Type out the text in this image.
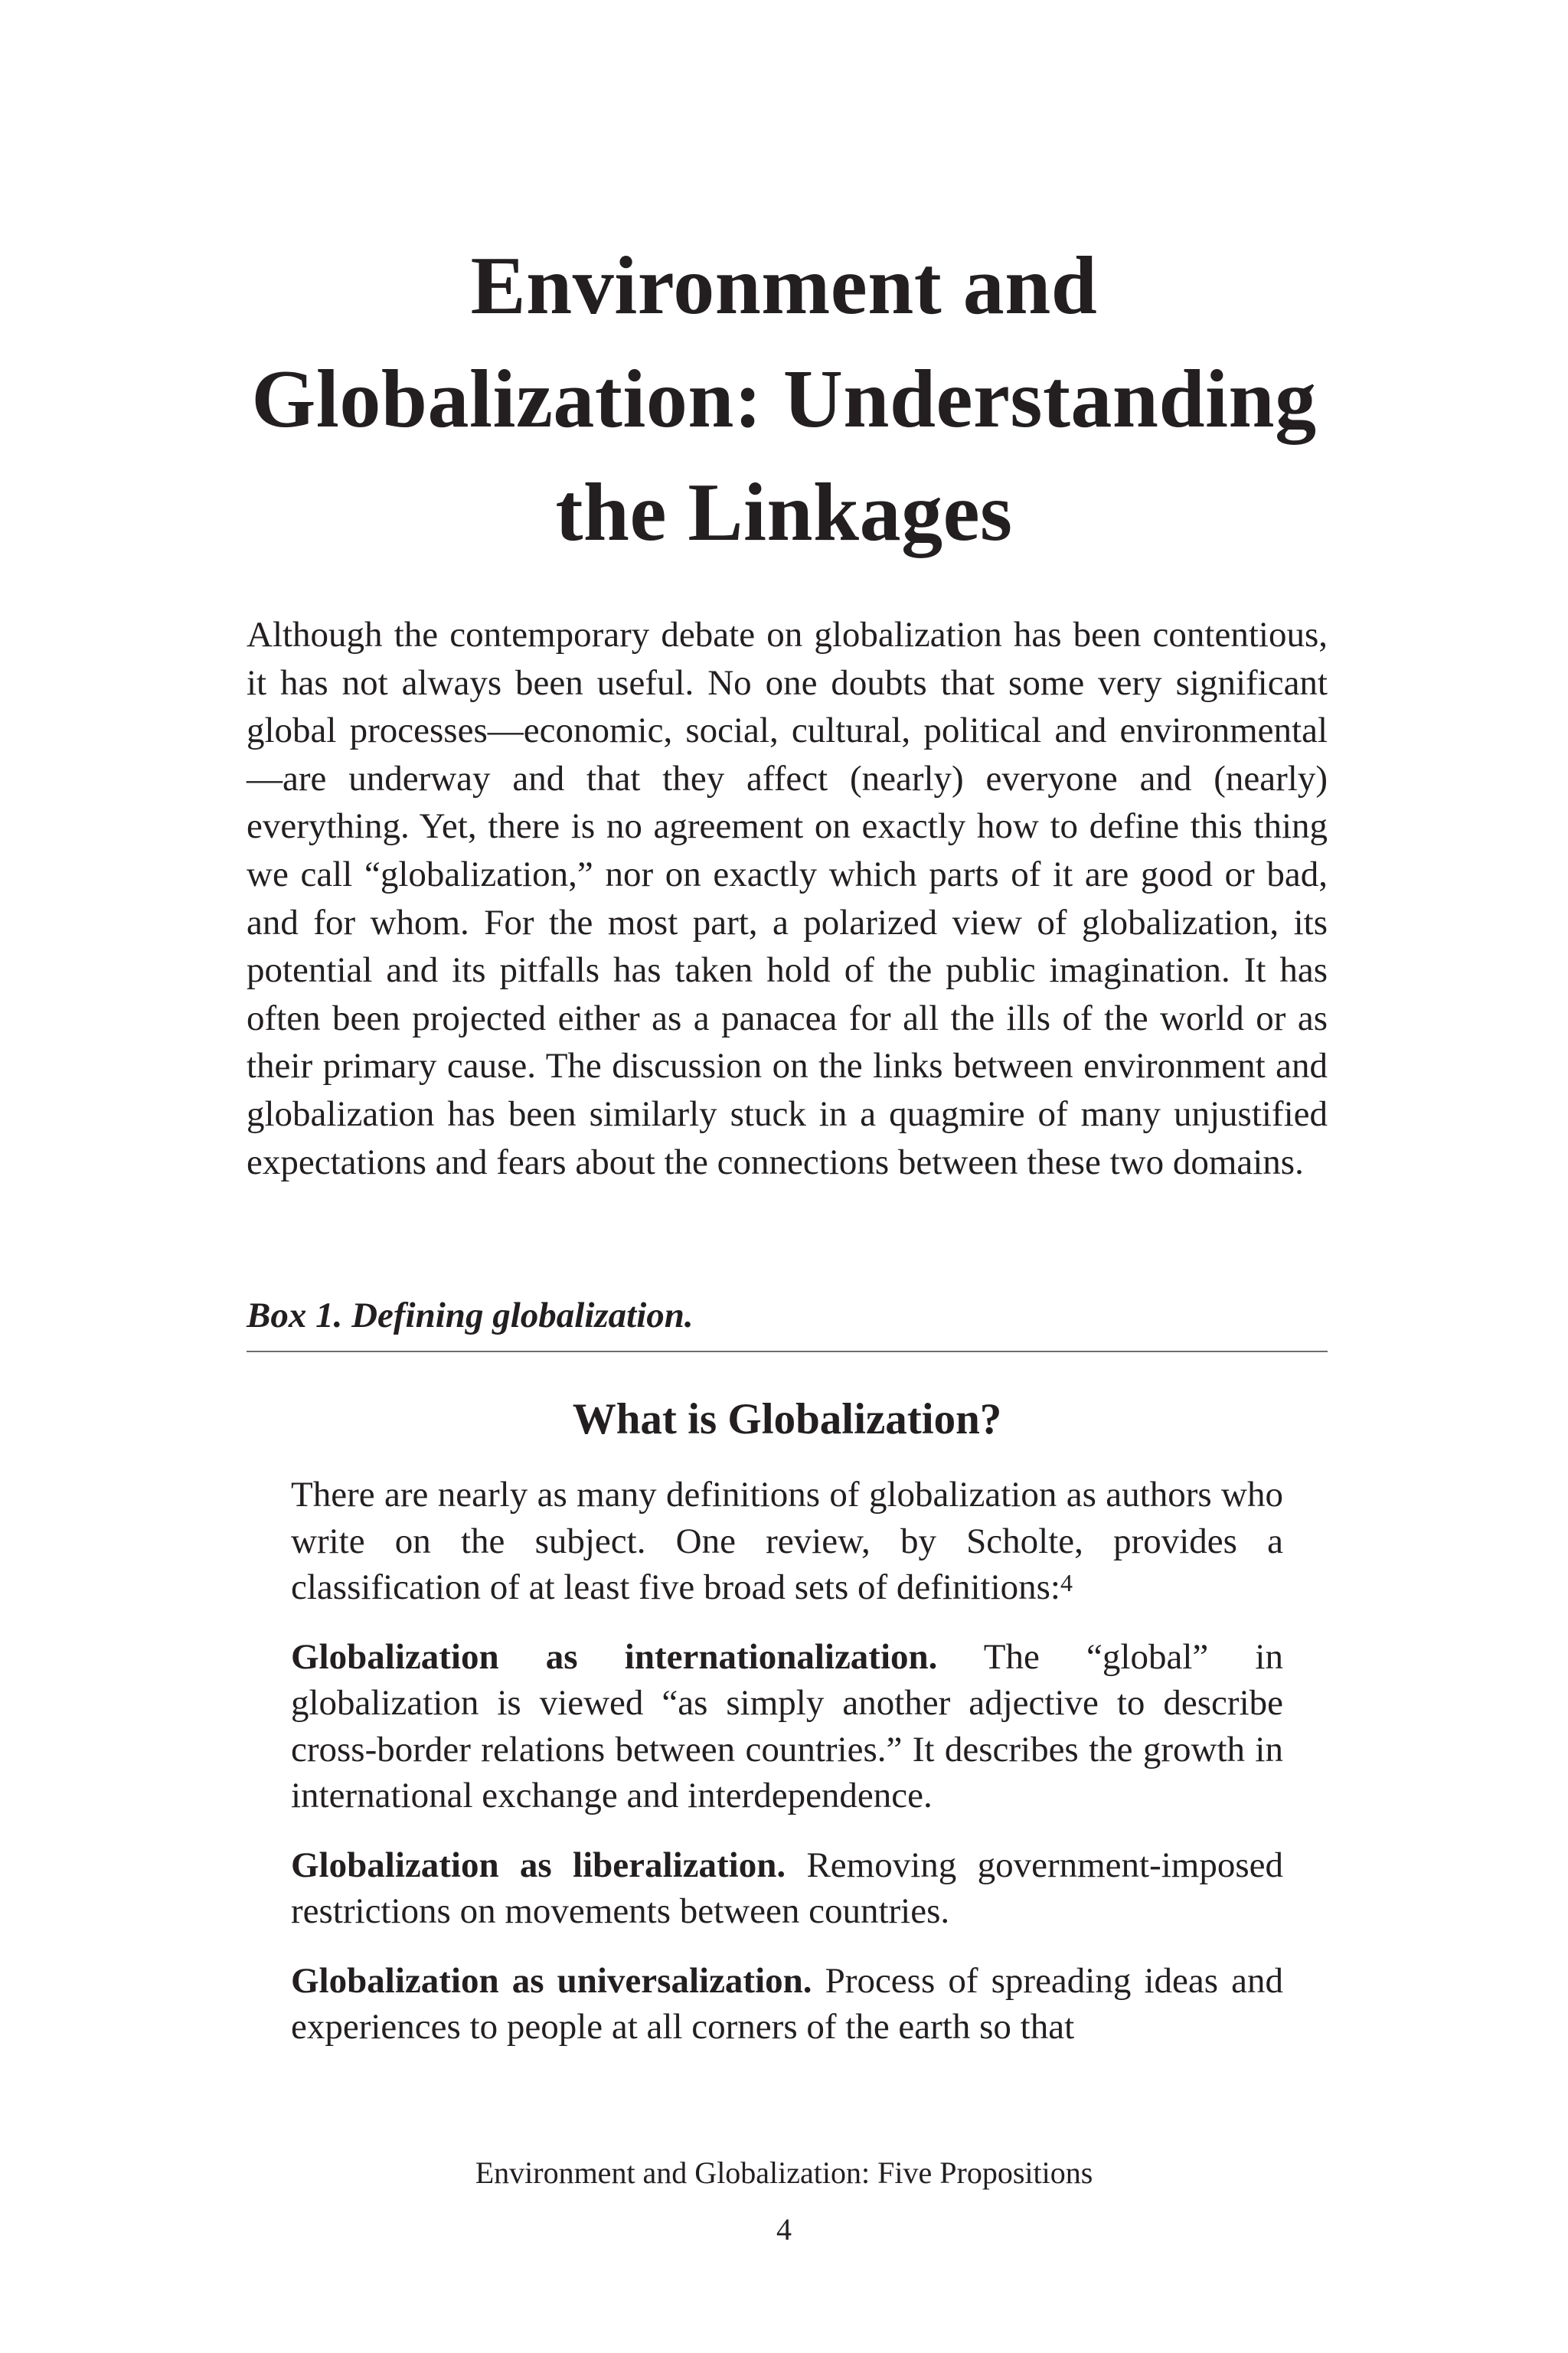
Environment and
Globalization: Understanding
the Linkages

Although the contemporary debate on globalization has been contentious, it has not always been useful. No one doubts that some very significant global processes—economic, social, cultural, political and environmental—are underway and that they affect (nearly) everyone and (nearly) everything. Yet, there is no agreement on exactly how to define this thing we call “globalization,” nor on exactly which parts of it are good or bad, and for whom. For the most part, a polarized view of globalization, its potential and its pitfalls has taken hold of the public imagination. It has often been projected either as a panacea for all the ills of the world or as their primary cause. The discussion on the links between environment and globalization has been similarly stuck in a quagmire of many unjustified expectations and fears about the connections between these two domains.

Box 1. Defining globalization.

What is Globalization?

There are nearly as many definitions of globalization as authors who write on the subject. One review, by Scholte, provides a classification of at least five broad sets of definitions:$^4$

Globalization as internationalization. The “global” in globalization is viewed “as simply another adjective to describe cross-border relations between countries.” It describes the growth in international exchange and interdependence.

Globalization as liberalization. Removing government-imposed restrictions on movements between countries.

Globalization as universalization. Process of spreading ideas and experiences to people at all corners of the earth so that

Environment and Globalization: Five Propositions

4
